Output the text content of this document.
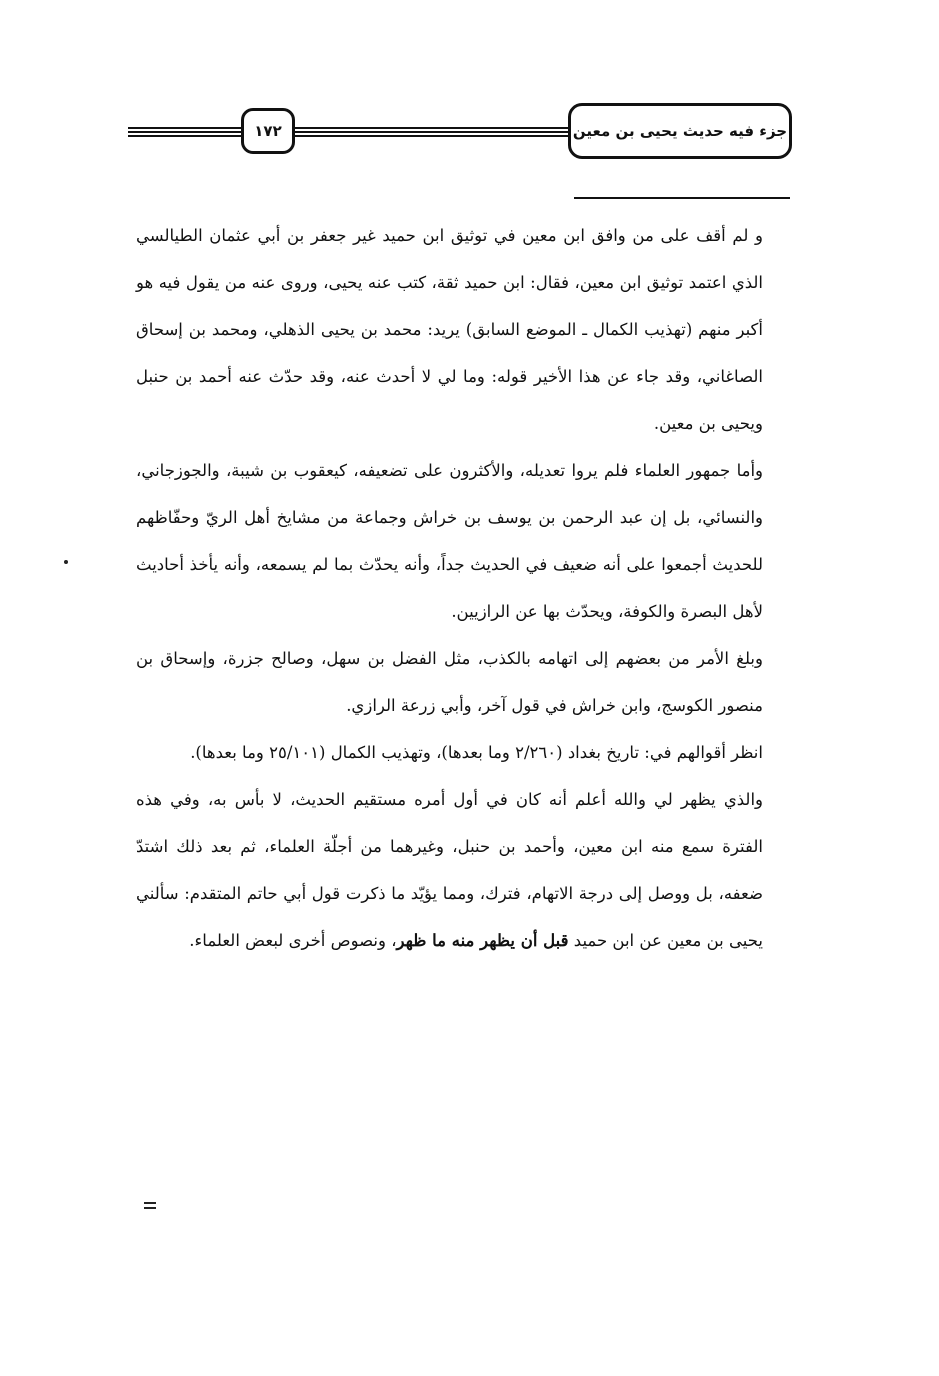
١٧٢	جزء فيه حديث يحيى بن معين

و لم أقف على من وافق ابن معين في توثيق ابن حميد غير جعفر بن أبي عثمان الطيالسي الذي اعتمد توثيق ابن معين، فقال: ابن حميد ثقة، كتب عنه يحيى، وروى عنه من يقول فيه هو أكبر منهم (تهذيب الكمال ـ الموضع السابق) يريد: محمد بن يحيى الذهلي، ومحمد بن إسحاق الصاغاني، وقد جاء عن هذا الأخير قوله: وما لي لا أحدث عنه، وقد حدّث عنه أحمد بن حنبل ويحيى بن معين.

وأما جمهور العلماء فلم يروا تعديله، والأكثرون على تضعيفه، كيعقوب بن شيبة، والجوزجاني، والنسائي، بل إن عبد الرحمن بن يوسف بن خراش وجماعة من مشايخ أهل الريّ وحفّاظهم للحديث أجمعوا على أنه ضعيف في الحديث جداً، وأنه يحدّث بما لم يسمعه، وأنه يأخذ أحاديث لأهل البصرة والكوفة، ويحدّث بها عن الرازيين.

وبلغ الأمر من بعضهم إلى اتهامه بالكذب، مثل الفضل بن سهل، وصالح جزرة، وإسحاق بن منصور الكوسج، وابن خراش في قول آخر، وأبي زرعة الرازي.

انظر أقوالهم في: تاريخ بغداد (٢/٢٦٠ وما بعدها)، وتهذيب الكمال (٢٥/١٠١ وما بعدها).

والذي يظهر لي والله أعلم أنه كان في أول أمره مستقيم الحديث، لا بأس به، وفي هذه الفترة سمع منه ابن معين، وأحمد بن حنبل، وغيرهما من أجلّة العلماء، ثم بعد ذلك اشتدّ ضعفه، بل ووصل إلى درجة الاتهام، فترك، ومما يؤيّد ما ذكرت قول أبي حاتم المتقدم: سألني يحيى بن معين عن ابن حميد قبل أن يظهر منه ما ظهر، ونصوص أخرى لبعض العلماء.
